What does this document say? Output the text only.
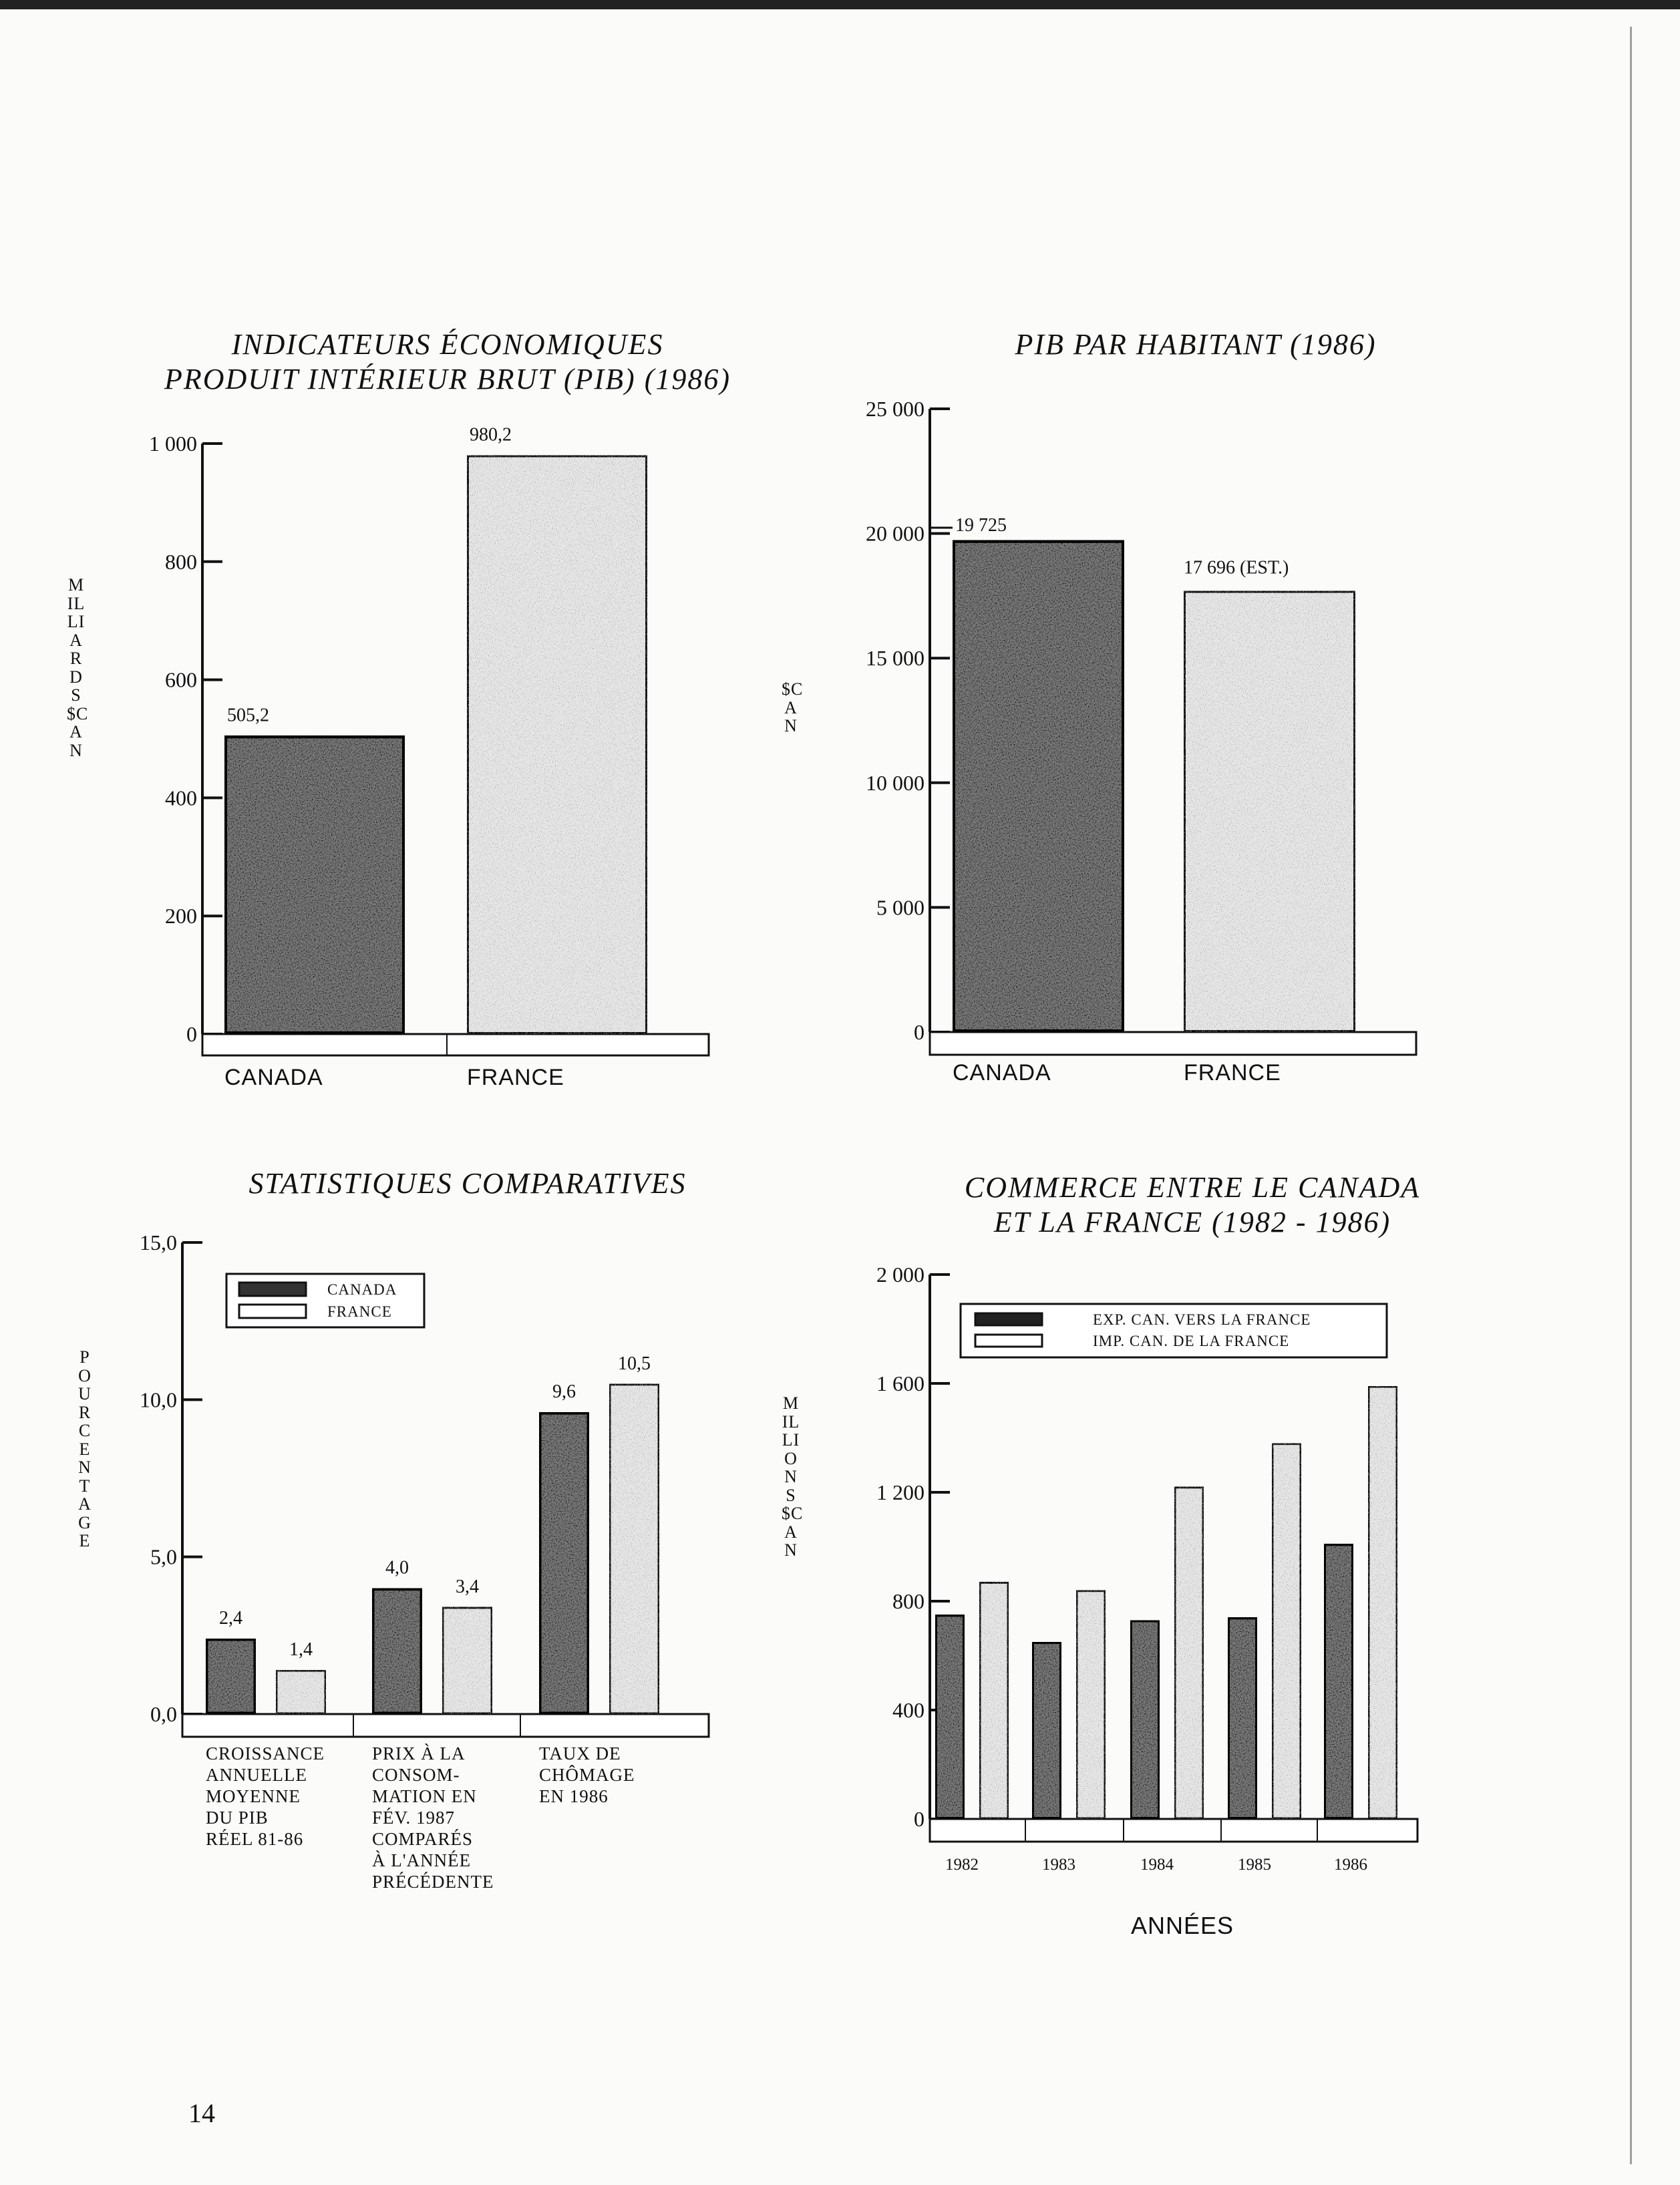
INDICATEURS ÉCONOMIQUES
PRODUIT INTÉRIEUR BRUT (PIB) (1986)
PIB PAR HABITANT (1986)
STATISTIQUES COMPARATIVES	COMMERCE ENTRE LE CANADA
ET LA FRANCE (1982 - 1986)
MILLIARDS $CAN
$CAN
POURCENTAGE
MILLIONS $CAN
14
0
200
400
600
800
1 000
505,2
CANADA
980,2
FRANCE
0
5 000
10 000
15 000
20 000
25 000
19 725
CANADA
17 696 (EST.)
FRANCE
0,0
5,0
10,0
15,0
2,4
1,4
CROISSANCE ANNUELLE MOYENNE DU PIB RÉEL 81-86
4,0
3,4
PRIX À LA CONSOM-MATION EN FÉV. 1987 COMPARÉS À L'ANNÉE PRÉCÉDENTE
9,6
10,5
TAUX DE CHÔMAGE EN 1986
CANADA
FRANCE
0
400
800
1 200
1 600
2 000
1982	1983	1984	1985	1986
ANNÉES
EXP. CAN. VERS LA FRANCE
IMP. CAN. DE LA FRANCE
